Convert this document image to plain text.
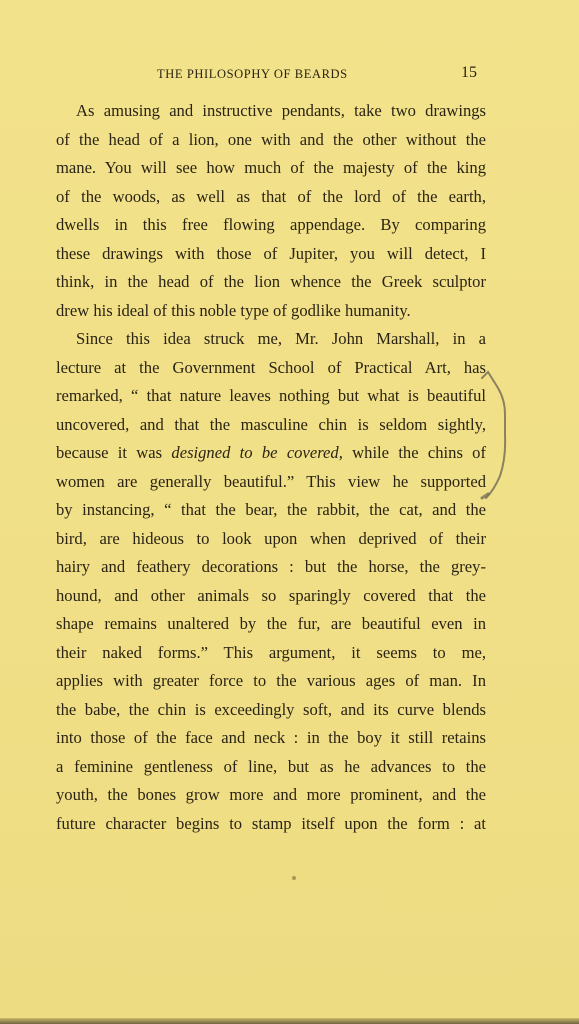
THE PHILOSOPHY OF BEARDS	15
As amusing and instructive pendants, take two drawings
of the head of a lion, one with and the other without the
mane. You will see how much of the majesty of the king
of the woods, as well as that of the lord of the earth,
dwells in this free flowing appendage. By comparing
these drawings with those of Jupiter, you will detect, I
think, in the head of the lion whence the Greek sculptor
drew his ideal of this noble type of godlike humanity.
Since this idea struck me, Mr. John Marshall, in a
lecture at the Government School of Practical Art, has
remarked, “ that nature leaves nothing but what is beautiful
uncovered, and that the masculine chin is seldom sightly,
because it was designed to be covered, while the chins of
women are generally beautiful.” This view he supported
by instancing, “ that the bear, the rabbit, the cat, and the
bird, are hideous to look upon when deprived of their
hairy and feathery decorations : but the horse, the grey-
hound, and other animals so sparingly covered that the
shape remains unaltered by the fur, are beautiful even in
their naked forms.” This argument, it seems to me,
applies with greater force to the various ages of man. In
the babe, the chin is exceedingly soft, and its curve blends
into those of the face and neck : in the boy it still retains
a feminine gentleness of line, but as he advances to the
youth, the bones grow more and more prominent, and the
future character begins to stamp itself upon the form : at
